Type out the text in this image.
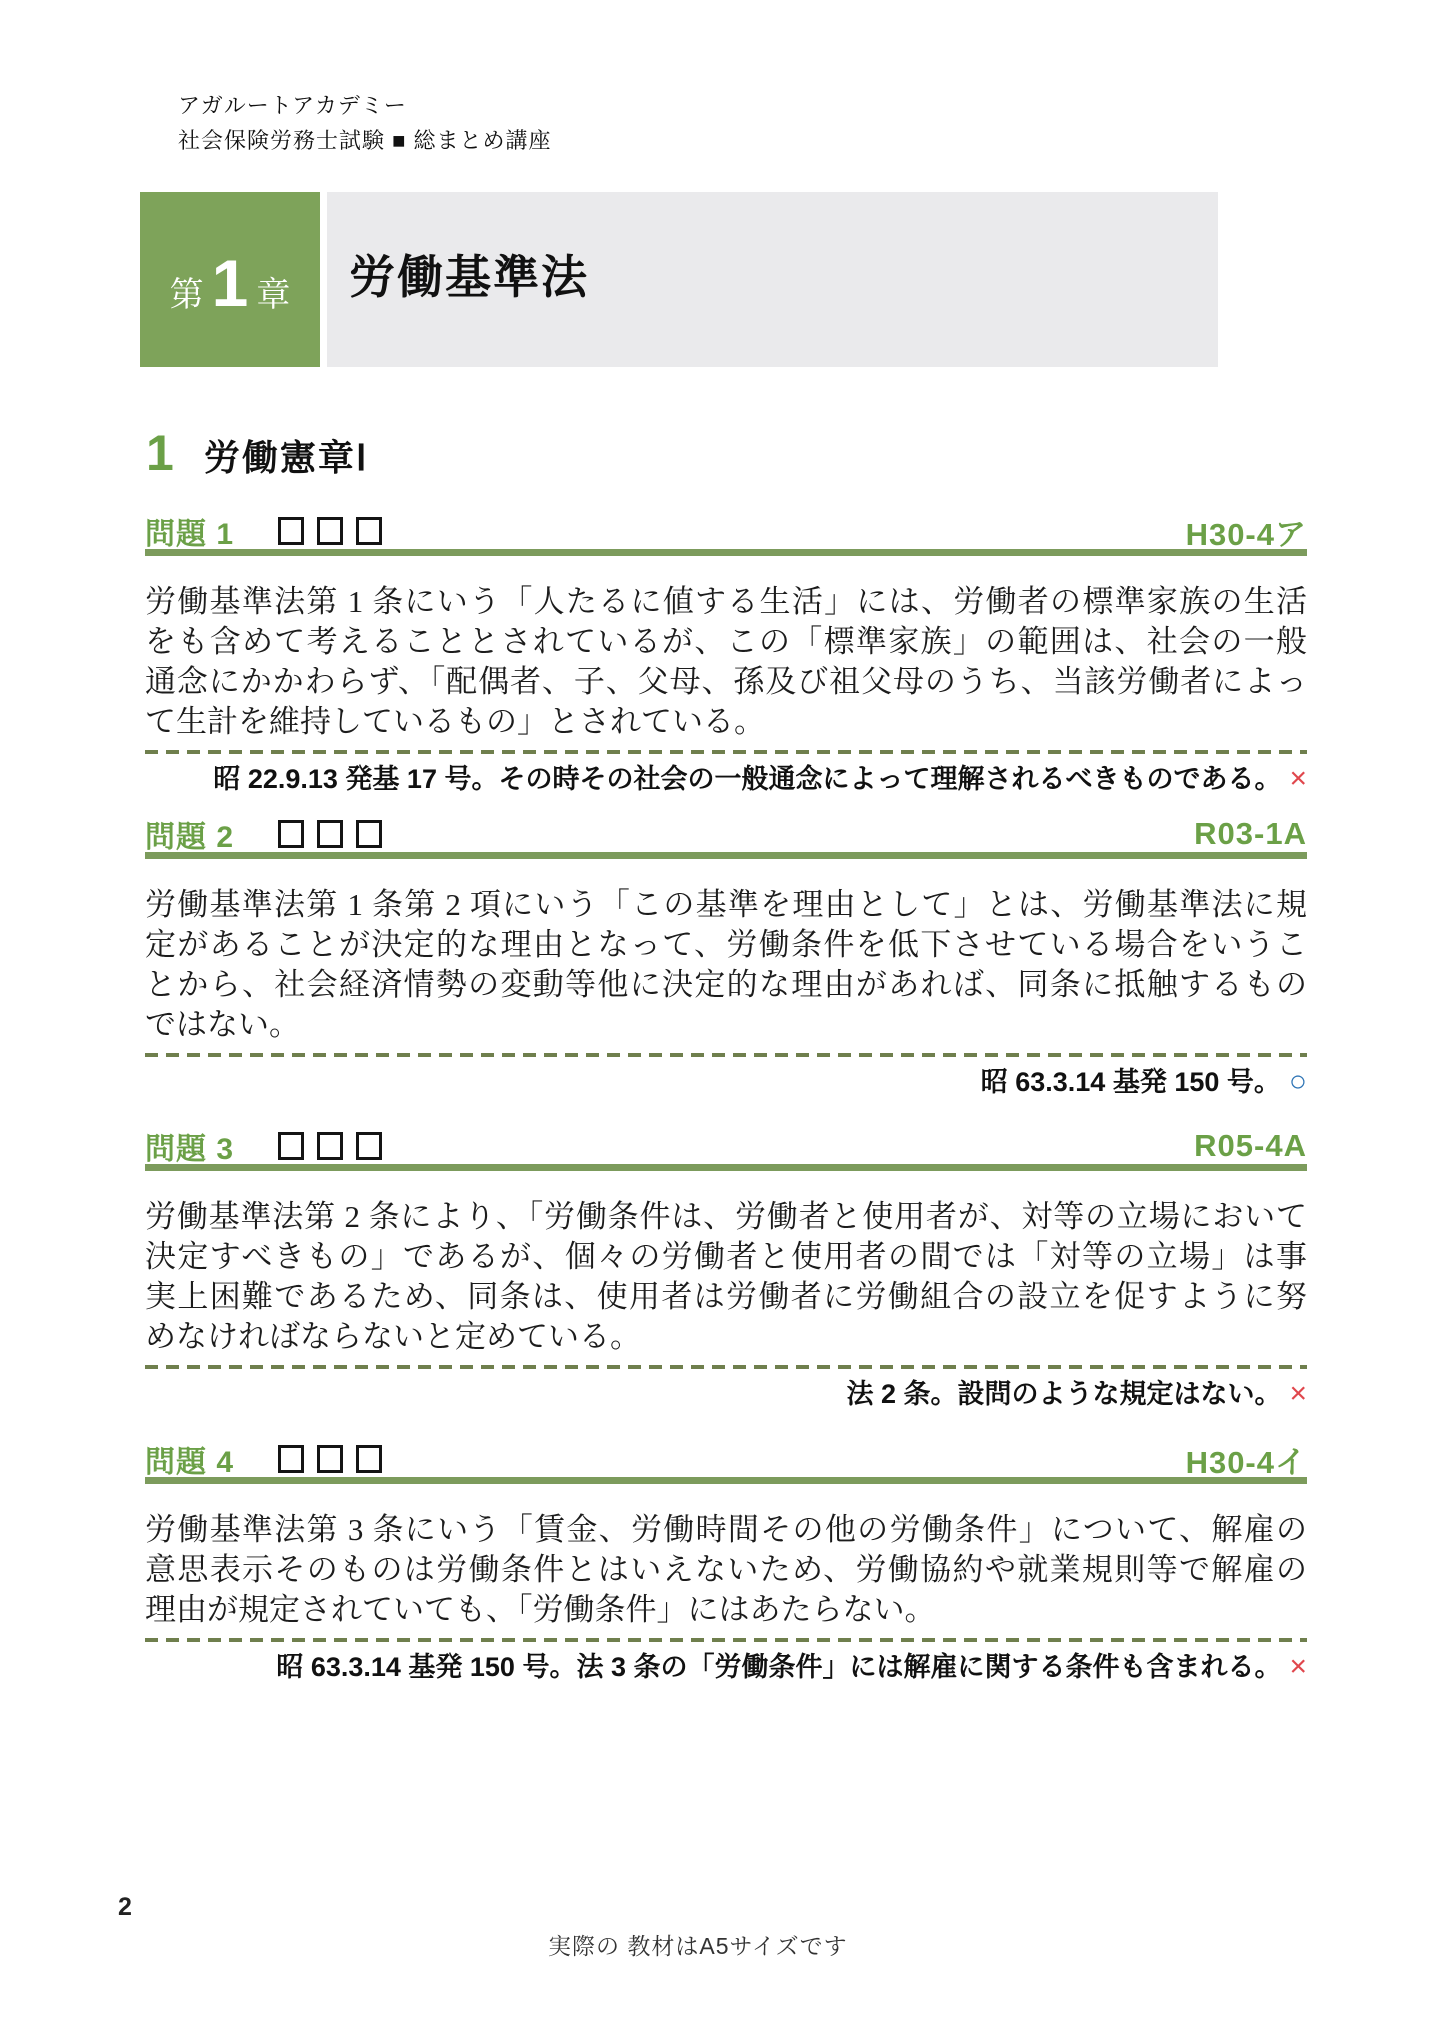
アガルートアカデミー
社会保険労務士試験 ■ 総まとめ講座
第 1 章 労働基準法
1 労働憲章Ⅰ
問題 1	H30-4ア
労働基準法第 1 条にいう「人たるに値する生活」には、労働者の標準家族の生活
をも含めて考えることとされているが、この「標準家族」の範囲は、社会の一般
通念にかかわらず、「配偶者、子、父母、孫及び祖父母のうち、当該労働者によっ
て生計を維持しているもの」とされている。
昭 22.9.13 発基 17 号。その時その社会の一般通念によって理解されるべきものである。 ×
問題 2	R03-1A
労働基準法第 1 条第 2 項にいう「この基準を理由として」とは、労働基準法に規
定があることが決定的な理由となって、労働条件を低下させている場合をいうこ
とから、社会経済情勢の変動等他に決定的な理由があれば、同条に抵触するもの
ではない。
昭 63.3.14 基発 150 号。 ○
問題 3	R05-4A
労働基準法第 2 条により、「労働条件は、労働者と使用者が、対等の立場において
決定すべきもの」であるが、個々の労働者と使用者の間では「対等の立場」は事
実上困難であるため、同条は、使用者は労働者に労働組合の設立を促すように努
めなければならないと定めている。
法 2 条。設問のような規定はない。 ×
問題 4	H30-4イ
労働基準法第 3 条にいう「賃金、労働時間その他の労働条件」について、解雇の
意思表示そのものは労働条件とはいえないため、労働協約や就業規則等で解雇の
理由が規定されていても、「労働条件」にはあたらない。
昭 63.3.14 基発 150 号。法 3 条の「労働条件」には解雇に関する条件も含まれる。 ×
2
実際の 教材はA5サイズです
